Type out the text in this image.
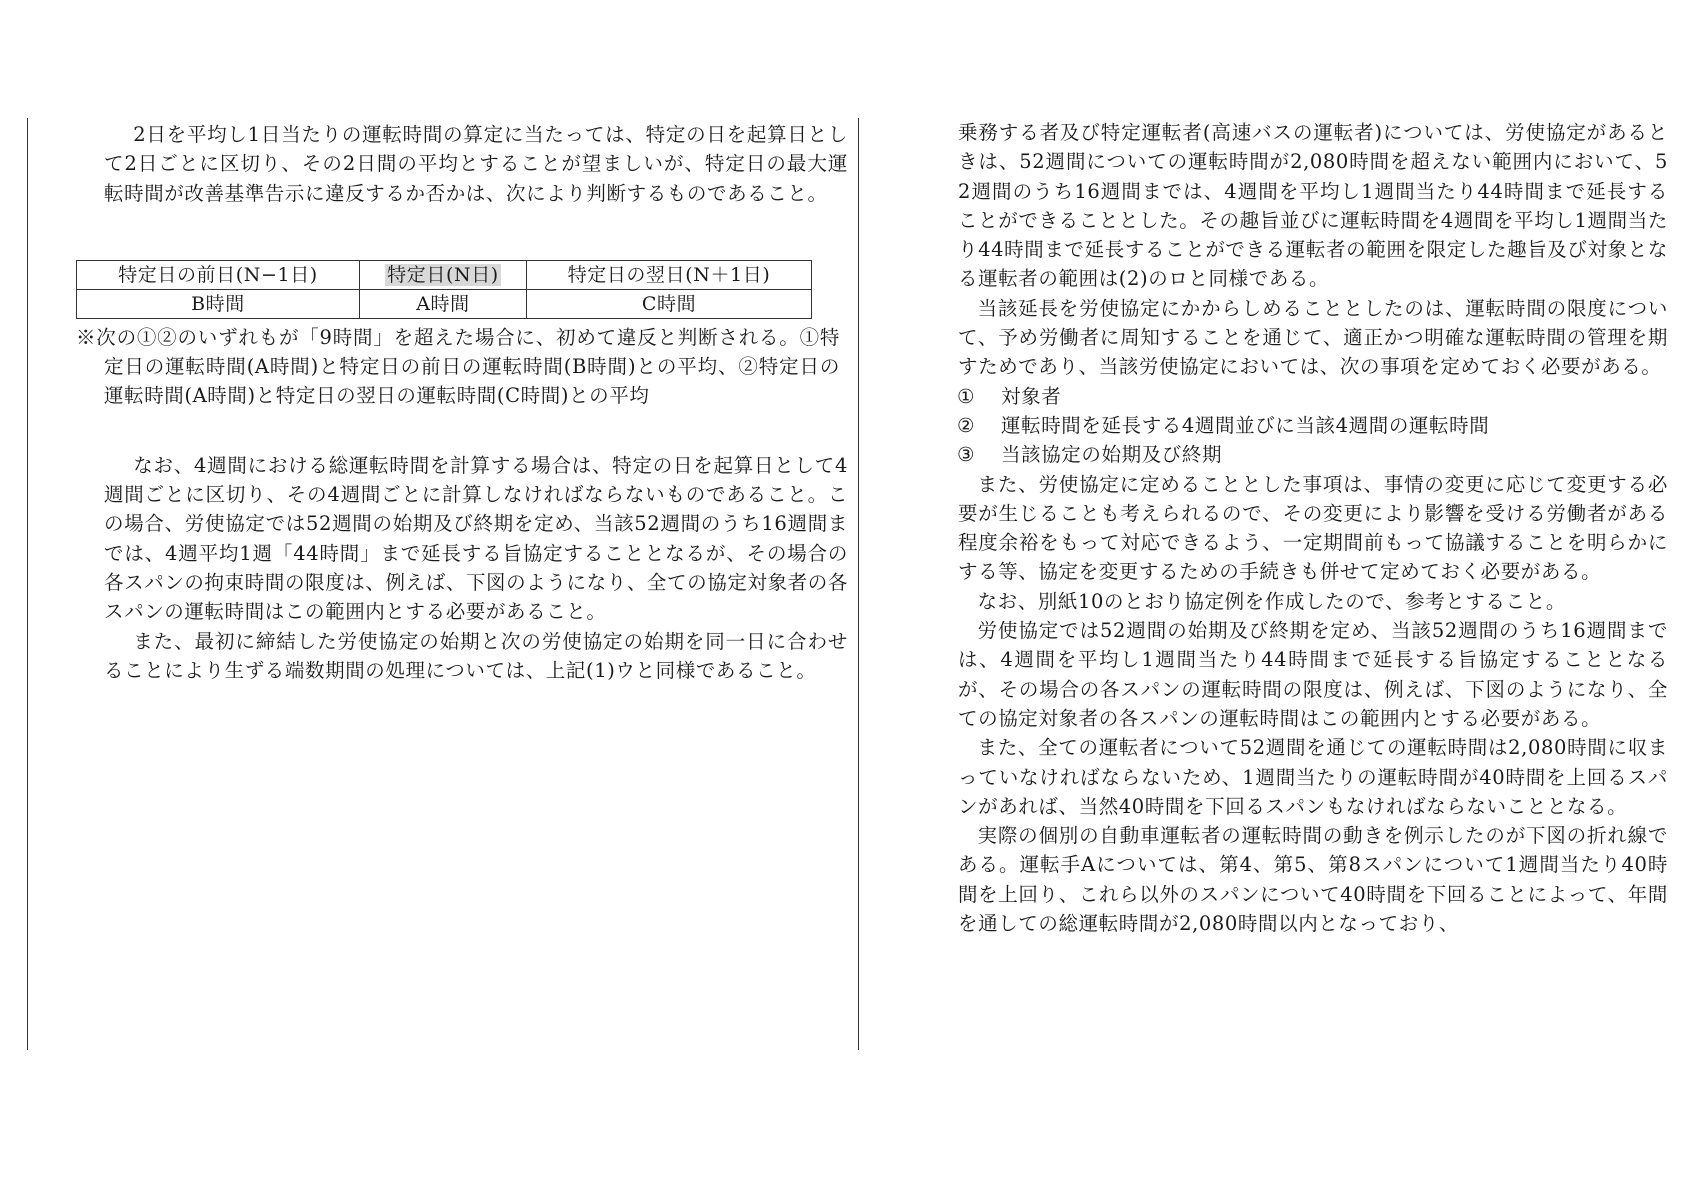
2日を平均し1日当たりの運転時間の算定に当たっては、特定の日を起算日として2日ごとに区切り、その2日間の平均とすることが望ましいが、特定日の最大運転時間が改善基準告示に違反するか否かは、次により判断するものであること。

特定日の前日(N−1日)	特定日(N日)	特定日の翌日(N＋1日)
B時間	A時間	C時間

※次の①②のいずれもが「9時間」を超えた場合に、初めて違反と判断される。①特定日の運転時間(A時間)と特定日の前日の運転時間(B時間)との平均、②特定日の運転時間(A時間)と特定日の翌日の運転時間(C時間)との平均

なお、4週間における総運転時間を計算する場合は、特定の日を起算日として4週間ごとに区切り、その4週間ごとに計算しなければならないものであること。この場合、労使協定では52週間の始期及び終期を定め、当該52週間のうち16週間までは、4週平均1週「44時間」まで延長する旨協定することとなるが、その場合の各スパンの拘束時間の限度は、例えば、下図のようになり、全ての協定対象者の各スパンの運転時間はこの範囲内とする必要があること。

また、最初に締結した労使協定の始期と次の労使協定の始期を同一日に合わせることにより生ずる端数期間の処理については、上記(1)ウと同様であること。

乗務する者及び特定運転者(高速バスの運転者)については、労使協定があるときは、52週間についての運転時間が2,080時間を超えない範囲内において、52週間のうち16週間までは、4週間を平均し1週間当たり44時間まで延長することができることとした。その趣旨並びに運転時間を4週間を平均し1週間当たり44時間まで延長することができる運転者の範囲を限定した趣旨及び対象となる運転者の範囲は(2)のロと同様である。

当該延長を労使協定にかからしめることとしたのは、運転時間の限度について、予め労働者に周知することを通じて、適正かつ明確な運転時間の管理を期すためであり、当該労使協定においては、次の事項を定めておく必要がある。

① 対象者
② 運転時間を延長する4週間並びに当該4週間の運転時間
③ 当該協定の始期及び終期

また、労使協定に定めることとした事項は、事情の変更に応じて変更する必要が生じることも考えられるので、その変更により影響を受ける労働者がある程度余裕をもって対応できるよう、一定期間前もって協議することを明らかにする等、協定を変更するための手続きも併せて定めておく必要がある。

なお、別紙10のとおり協定例を作成したので、参考とすること。

労使協定では52週間の始期及び終期を定め、当該52週間のうち16週間までは、4週間を平均し1週間当たり44時間まで延長する旨協定することとなるが、その場合の各スパンの運転時間の限度は、例えば、下図のようになり、全ての協定対象者の各スパンの運転時間はこの範囲内とする必要がある。

また、全ての運転者について52週間を通じての運転時間は2,080時間に収まっていなければならないため、1週間当たりの運転時間が40時間を上回るスパンがあれば、当然40時間を下回るスパンもなければならないこととなる。

実際の個別の自動車運転者の運転時間の動きを例示したのが下図の折れ線である。運転手Aについては、第4、第5、第8スパンについて1週間当たり40時間を上回り、これら以外のスパンについて40時間を下回ることによって、年間を通しての総運転時間が2,080時間以内となっており、
